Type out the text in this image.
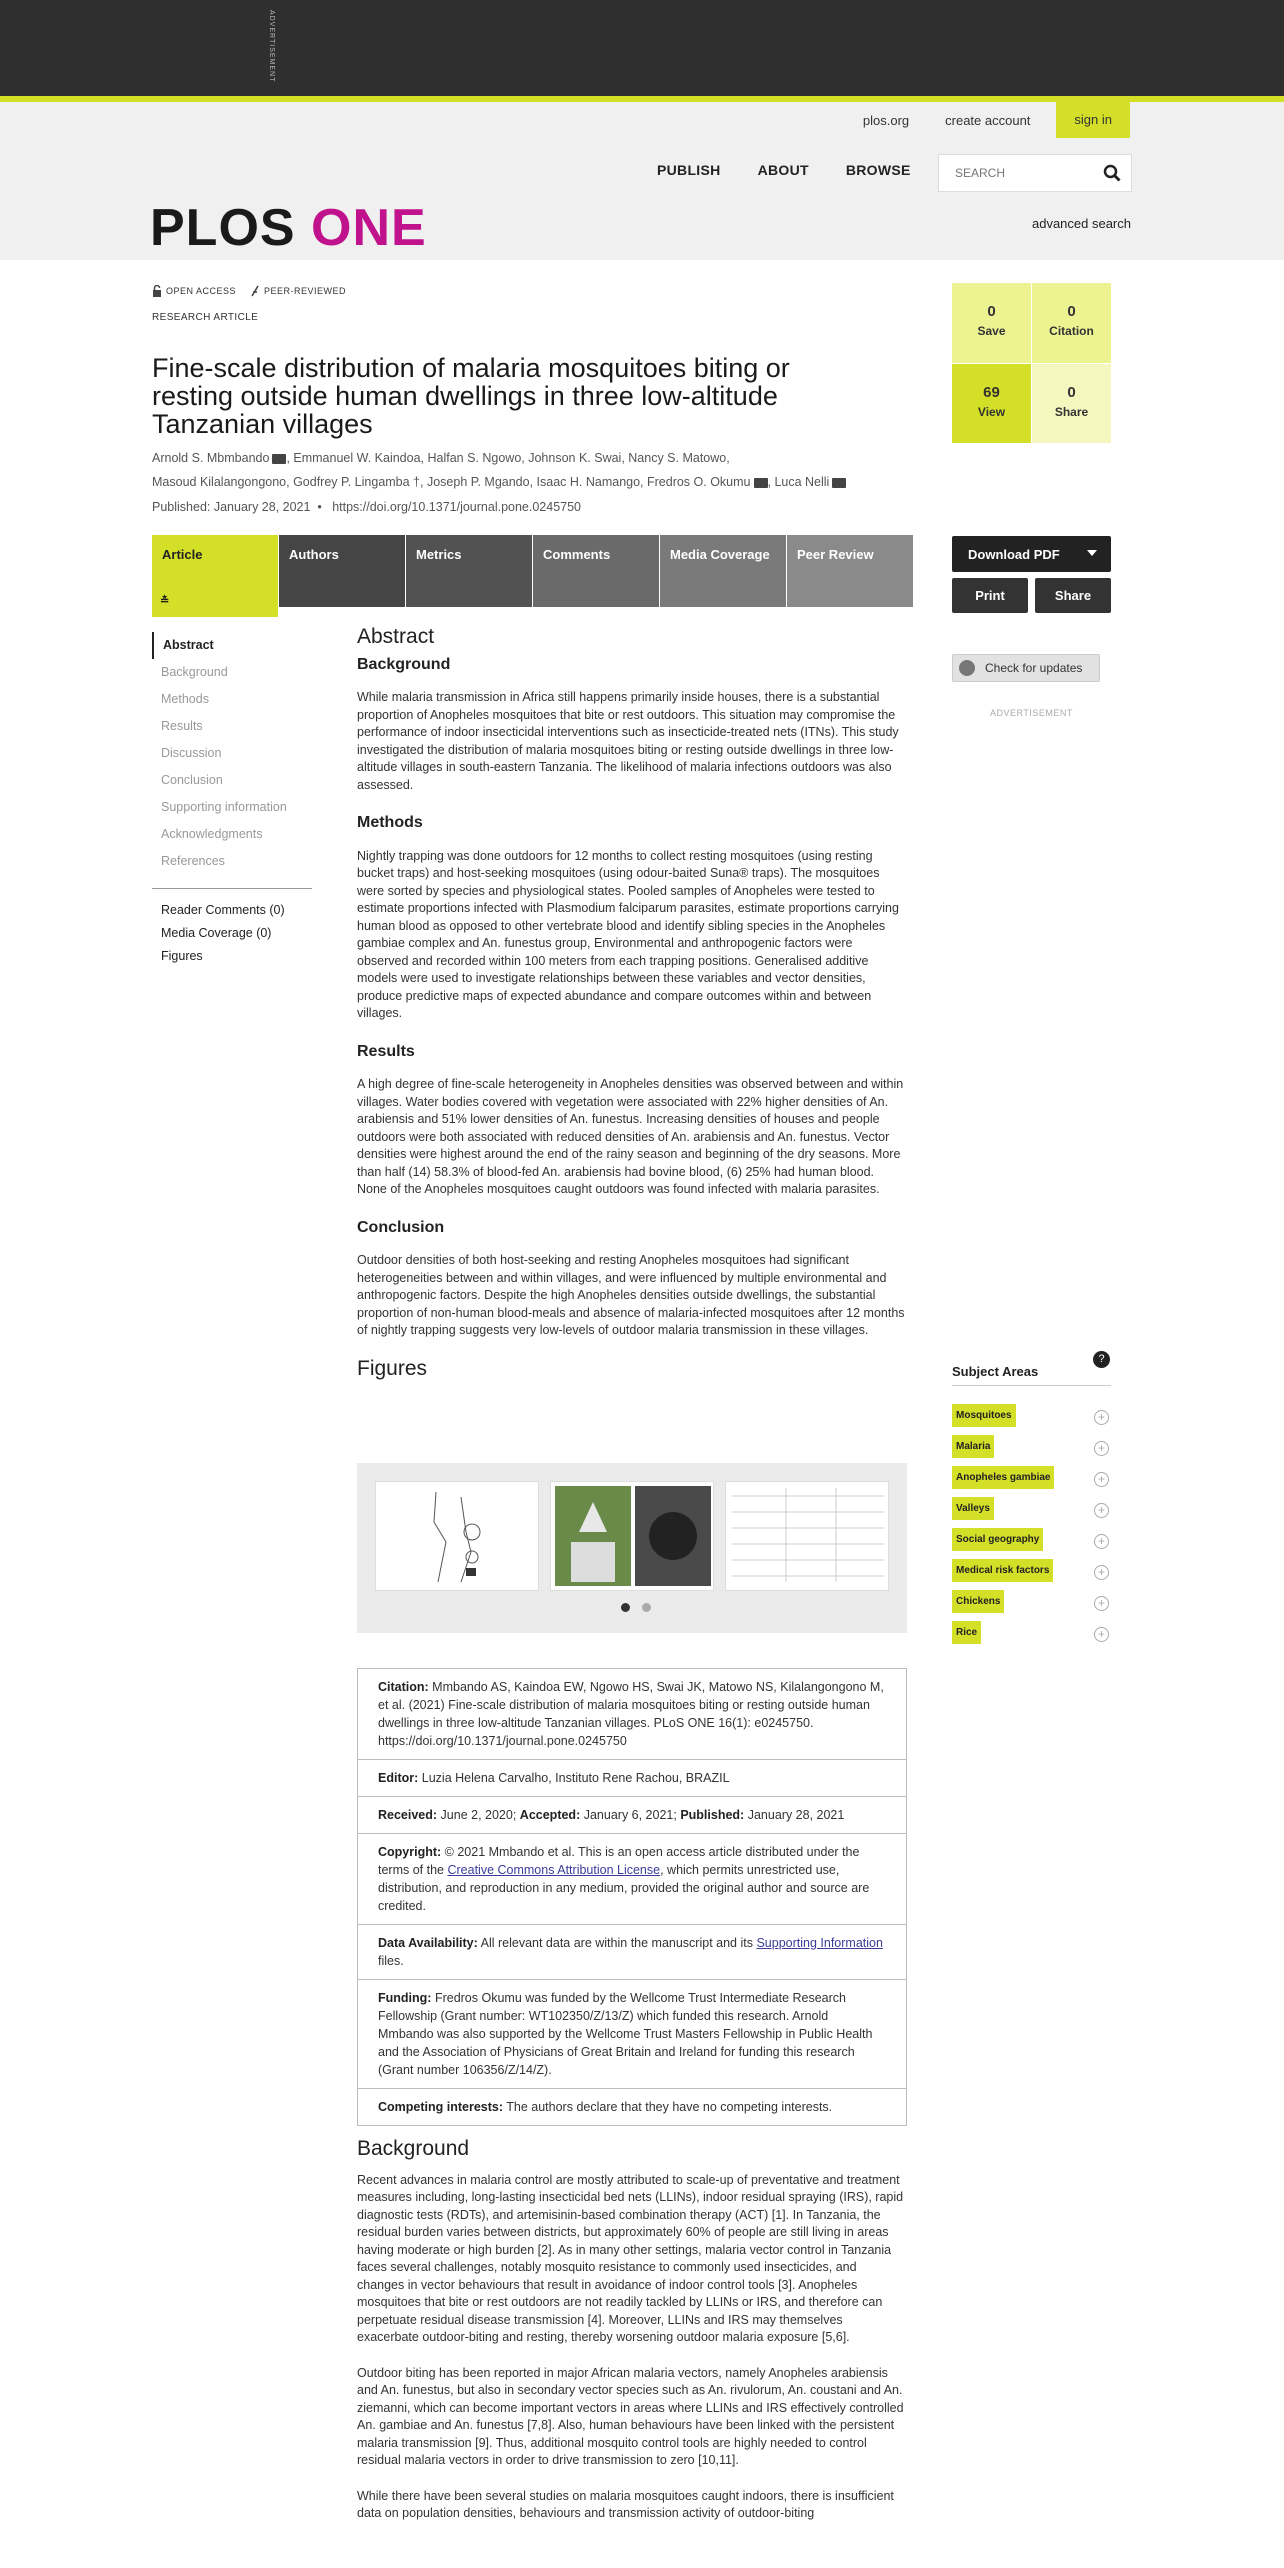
ADVERTISEMENT
plos.org	create account	sign in
PUBLISH	ABOUT	BROWSE
SEARCH
advanced search
PLOS ONE
OPEN ACCESS	PEER-REVIEWED
RESEARCH ARTICLE
Fine-scale distribution of malaria mosquitoes biting or resting outside human dwellings in three low-altitude Tanzanian villages
Arnold S. Mbmbando , Emmanuel W. Kaindoa, Halfan S. Ngowo, Johnson K. Swai, Nancy S. Matowo,
Masoud Kilalangongono, Godfrey P. Lingamba †, Joseph P. Mgando, Isaac H. Namango, Fredros O. Okumu , Luca Nelli
Published: January 28, 2021  •   https://doi.org/10.1371/journal.pone.0245750
Article
≛
Authors	Metrics	Comments	Media Coverage	Peer Review
Abstract
Background
Methods
Results
Discussion
Conclusion
Supporting information
Acknowledgments
References
Reader Comments (0)
Media Coverage (0)
Figures
Abstract
Background

While malaria transmission in Africa still happens primarily inside houses, there is a substantial proportion of Anopheles mosquitoes that bite or rest outdoors. This situation may compromise the performance of indoor insecticidal interventions such as insecticide-treated nets (ITNs). This study investigated the distribution of malaria mosquitoes biting or resting outside dwellings in three low-altitude villages in south-eastern Tanzania. The likelihood of malaria infections outdoors was also assessed.

Methods

Nightly trapping was done outdoors for 12 months to collect resting mosquitoes (using resting bucket traps) and host-seeking mosquitoes (using odour-baited Suna® traps). The mosquitoes were sorted by species and physiological states. Pooled samples of Anopheles were tested to estimate proportions infected with Plasmodium falciparum parasites, estimate proportions carrying human blood as opposed to other vertebrate blood and identify sibling species in the Anopheles gambiae complex and An. funestus group, Environmental and anthropogenic factors were observed and recorded within 100 meters from each trapping positions. Generalised additive models were used to investigate relationships between these variables and vector densities, produce predictive maps of expected abundance and compare outcomes within and between villages.

Results

A high degree of fine-scale heterogeneity in Anopheles densities was observed between and within villages. Water bodies covered with vegetation were associated with 22% higher densities of An. arabiensis and 51% lower densities of An. funestus. Increasing densities of houses and people outdoors were both associated with reduced densities of An. arabiensis and An. funestus. Vector densities were highest around the end of the rainy season and beginning of the dry seasons. More than half (14) 58.3% of blood-fed An. arabiensis had bovine blood, (6) 25% had human blood. None of the Anopheles mosquitoes caught outdoors was found infected with malaria parasites.

Conclusion

Outdoor densities of both host-seeking and resting Anopheles mosquitoes had significant heterogeneities between and within villages, and were influenced by multiple environmental and anthropogenic factors. Despite the high Anopheles densities outside dwellings, the substantial proportion of non-human blood-meals and absence of malaria-infected mosquitoes after 12 months of nightly trapping suggests very low-levels of outdoor malaria transmission in these villages.

Figures
Citation: Mmbando AS, Kaindoa EW, Ngowo HS, Swai JK, Matowo NS, Kilalangongono M, et al. (2021) Fine-scale distribution of malaria mosquitoes biting or resting outside human dwellings in three low-altitude Tanzanian villages. PLoS ONE 16(1): e0245750. https://doi.org/10.1371/journal.pone.0245750
Editor: Luzia Helena Carvalho, Instituto Rene Rachou, BRAZIL
Received: June 2, 2020; Accepted: January 6, 2021; Published: January 28, 2021
Copyright: © 2021 Mmbando et al. This is an open access article distributed under the terms of the Creative Commons Attribution License, which permits unrestricted use, distribution, and reproduction in any medium, provided the original author and source are credited.
Data Availability: All relevant data are within the manuscript and its Supporting Information files.
Funding: Fredros Okumu was funded by the Wellcome Trust Intermediate Research Fellowship (Grant number: WT102350/Z/13/Z) which funded this research. Arnold Mmbando was also supported by the Wellcome Trust Masters Fellowship in Public Health and the Association of Physicians of Great Britain and Ireland for funding this research (Grant number 106356/Z/14/Z).
Competing interests: The authors declare that they have no competing interests.
Background

Recent advances in malaria control are mostly attributed to scale-up of preventative and treatment measures including, long-lasting insecticidal bed nets (LLINs), indoor residual spraying (IRS), rapid diagnostic tests (RDTs), and artemisinin-based combination therapy (ACT) [1]. In Tanzania, the residual burden varies between districts, but approximately 60% of people are still living in areas having moderate or high burden [2]. As in many other settings, malaria vector control in Tanzania faces several challenges, notably mosquito resistance to commonly used insecticides, and changes in vector behaviours that result in avoidance of indoor control tools [3]. Anopheles mosquitoes that bite or rest outdoors are not readily tackled by LLINs or IRS, and therefore can perpetuate residual disease transmission [4]. Moreover, LLINs and IRS may themselves exacerbate outdoor-biting and resting, thereby worsening outdoor malaria exposure [5,6].

Outdoor biting has been reported in major African malaria vectors, namely Anopheles arabiensis and An. funestus, but also in secondary vector species such as An. rivulorum, An. coustani and An. ziemanni, which can become important vectors in areas where LLINs and IRS effectively controlled An. gambiae and An. funestus [7,8]. Also, human behaviours have been linked with the persistent malaria transmission [9]. Thus, additional mosquito control tools are highly needed to control residual malaria vectors in order to drive transmission to zero [10,11].

While there have been several studies on malaria mosquitoes caught indoors, there is insufficient data on population densities, behaviours and transmission activity of outdoor-biting

0
Save
0
Citation
69
View
0
Share
Download PDF
Print	Share
Check for updates
ADVERTISEMENT
?
Subject Areas
Mosquitoes	+
Malaria	+
Anopheles gambiae	+
Valleys	+
Social geography	+
Medical risk factors	+
Chickens	+
Rice	+
